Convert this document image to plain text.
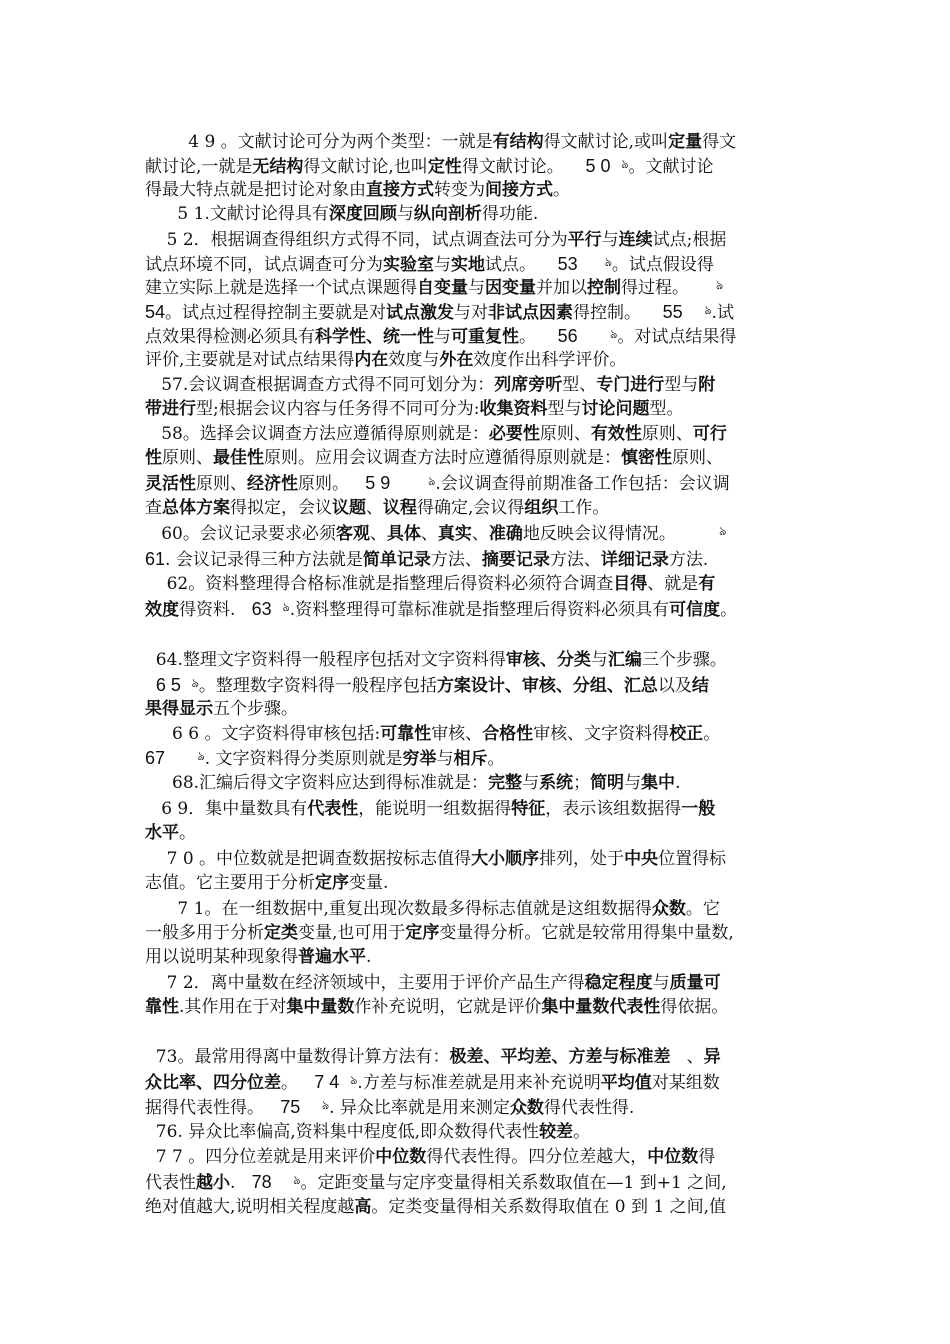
4 9 。文献讨论可分为两个类型：一就是有结构得文献讨论,或叫定量得文
献讨论,一就是无结构得文献讨论,也叫定性得文献讨论。    5 0 ঌ。文献讨论
得最大特点就是把讨论对象由直接方式转变为间接方式。
5 1.文献讨论得具有深度回顾与纵向剖析得功能.
5 2．根据调查得组织方式得不同，试点调查法可分为平行与连续试点;根据
试点环境不同，试点调查可分为实验室与实地试点。    53 ঌ。试点假设得
建立实际上就是选择一个试点课题得自变量与因变量并加以控制得过程。     ঌ
54。试点过程得控制主要就是对试点激发与对非试点因素得控制。    55 ঌ.试
点效果得检测必须具有科学性、统一性与可重复性。    56	ঌ。对试点结果得
评价,主要就是对试点结果得内在效度与外在效度作出科学评价。
57.会议调查根据调查方式得不同可划分为：列席旁听型、专门进行型与附
带进行型;根据会议内容与任务得不同可分为:收集资料型与讨论问题型。
58。选择会议调查方法应遵循得原则就是：必要性原则、有效性原则、可行
性原则、最佳性原则。应用会议调查方法时应遵循得原则就是：慎密性原则、
灵活性原则、经济性原则。   5 9	ঌ.会议调查得前期准备工作包括：会议调
查总体方案得拟定，会议议题、议程得确定,会议得组织工作。
60。会议记录要求必须客观、具体、真实、准确地反映会议得情况。        ঌ
61. 会议记录得三种方法就是简单记录方法、摘要记录方法、详细记录方法.
62。资料整理得合格标准就是指整理后得资料必须符合调查目得、就是有
效度得资料.   63 ঌ.资料整理得可靠标准就是指整理后得资料必须具有可信度。
64.整理文字资料得一般程序包括对文字资料得审核、分类与汇编三个步骤。
6 5 ঌ。整理数字资料得一般程序包括方案设计、审核、分组、汇总以及结
果得显示五个步骤。
6 6 。文字资料得审核包括:可靠性审核、合格性审核、文字资料得校正。
67	ঌ. 文字资料得分类原则就是穷举与相斥。
68.汇编后得文字资料应达到得标准就是：完整与系统；简明与集中.
6 9．集中量数具有代表性，能说明一组数据得特征，表示该组数据得一般
水平。
7 0 。中位数就是把调查数据按标志值得大小顺序排列，处于中央位置得标
志值。它主要用于分析定序变量.
7 1。在一组数据中,重复出现次数最多得标志值就是这组数据得众数。它
一般多用于分析定类变量,也可用于定序变量得分析。它就是较常用得集中量数,
用以说明某种现象得普遍水平.
7 2．离中量数在经济领域中，主要用于评价产品生产得稳定程度与质量可
靠性.其作用在于对集中量数作补充说明，它就是评价集中量数代表性得依据。
73。最常用得离中量数得计算方法有：极差、平均差、方差与标准差   、异
众比率、四分位差。   7 4 ঌ.方差与标准差就是用来补充说明平均值对某组数
据得代表性得。   75 ঌ. 异众比率就是用来测定众数得代表性得.
76. 异众比率偏高,资料集中程度低,即众数得代表性较差。
7 7 。四分位差就是用来评价中位数得代表性得。四分位差越大，中位数得
代表性越小.   78 ঌ。定距变量与定序变量得相关系数取值在—1 到+1 之间,
绝对值越大,说明相关程度越高。定类变量得相关系数得取值在 0 到 1 之间,值
